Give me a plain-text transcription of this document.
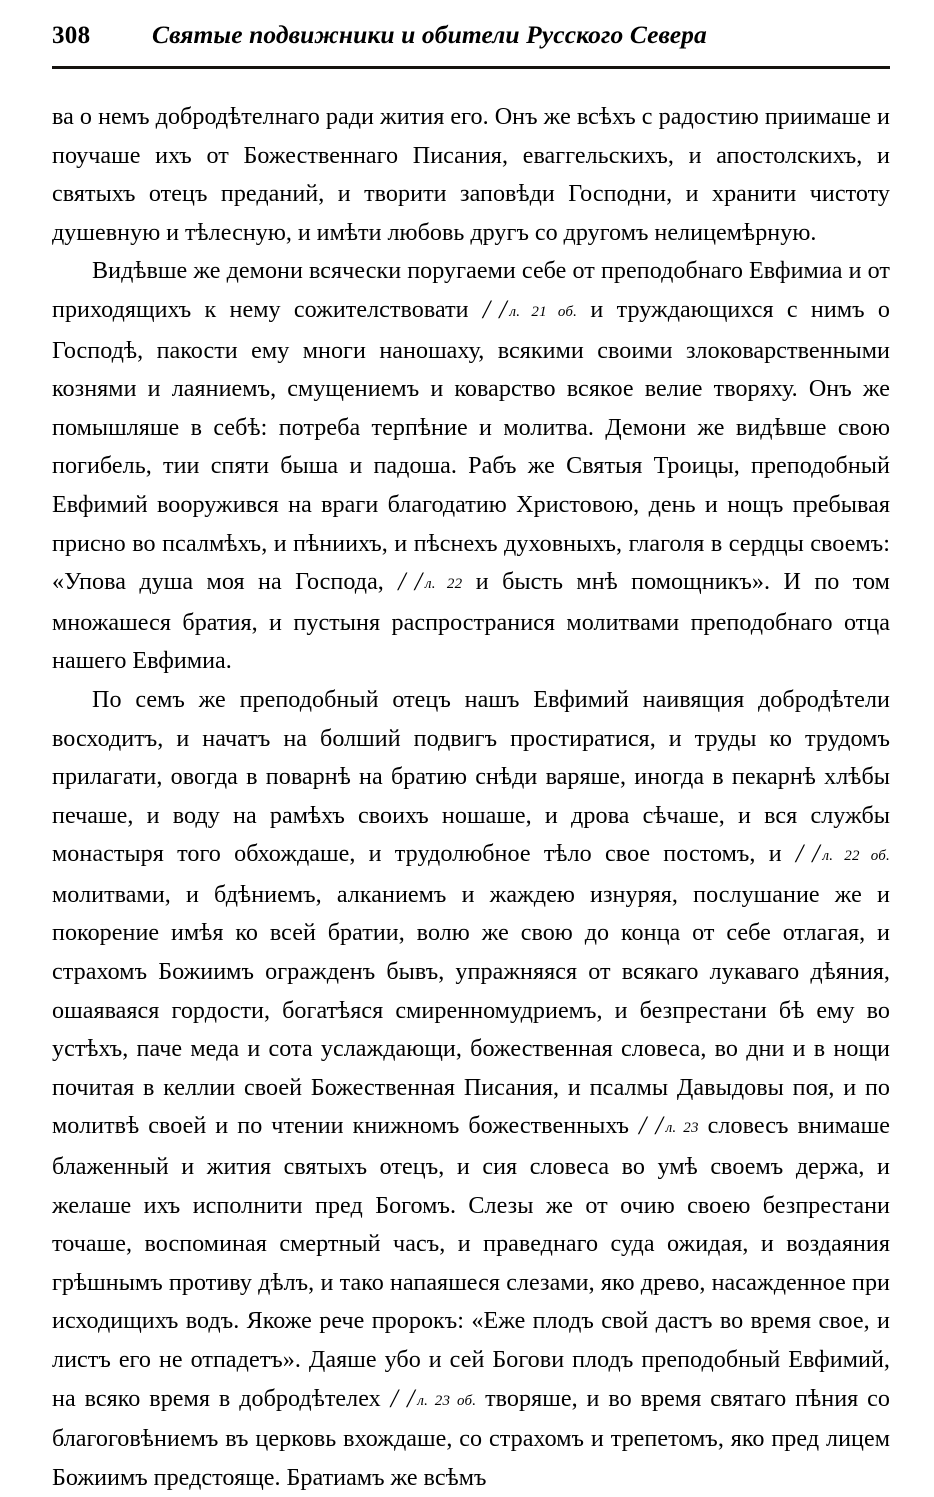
308	Святые подвижники и обители Русского Севера

ва о немъ добродѣтелнаго ради жития его. Онъ же всѣхъ с радостию приимаше и поучаше ихъ от Божественнаго Писания, еваггельскихъ, и апостолскихъ, и святыхъ отецъ преданий, и творити заповѣди Господни, и хранити чистоту душевную и тѣлесную, и имѣти любовь другъ со другомъ нелицемѣрную.

Видѣвше же демони всячески поругаеми себе от преподобнаго Евфимиа и от приходящихъ к нему сожителствовати / /л. 21 об. и труждающихся с нимъ о Господѣ, пакости ему многи наношаху, всякими своими злоковарственными кознями и лаяниемъ, смущениемъ и коварство всякое велие творяху. Онъ же помышляше в себѣ: потреба терпѣние и молитва. Демони же видѣвше свою погибель, тии спяти быша и падоша. Рабъ же Святыя Троицы, преподобный Евфимий вооружився на враги благодатию Христовою, день и нощъ пребывая присно во псалмѣхъ, и пѣниихъ, и пѣснехъ духовныхъ, глаголя в сердцы своемъ: «Упова душа моя на Господа, / /л. 22 и бысть мнѣ помощникъ». И по том множашеся братия, и пустыня распространися молитвами преподобнаго отца нашего Евфимиа.

По семъ же преподобный отецъ нашъ Евфимий наивящия добродѣтели восходитъ, и начатъ на болший подвигъ простиратися, и труды ко трудомъ прилагати, овогда в поварнѣ на братию снѣди варяше, иногда в пекарнѣ хлѣбы печаше, и воду на рамѣхъ своихъ ношаше, и дрова сѣчаше, и вся службы монастыря того обхождаше, и трудолюбное тѣло свое постомъ, и / /л. 22 об. молитвами, и бдѣниемъ, алканиемъ и жаждею изнуряя, послушание же и покорение имѣя ко всей братии, волю же свою до конца от себе отлагая, и страхомъ Божиимъ огражденъ бывъ, упражняяся от всякаго лукаваго дѣяния, ошаяваяся гордости, богатѣяся смиренномудриемъ, и безпрестани бѣ ему во устѣхъ, паче меда и сота услаждающи, божественная словеса, во дни и в нощи почитая в келлии своей Божественная Писания, и псалмы Давыдовы поя, и по молитвѣ своей и по чтении книжномъ божественныхъ / /л. 23 словесъ внимаше блаженный и жития святыхъ отецъ, и сия словеса во умѣ своемъ держа, и желаше ихъ исполнити пред Богомъ. Слезы же от очию своею безпрестани точаше, воспоминая смертный часъ, и праведнаго суда ожидая, и воздаяния грѣшнымъ противу дѣлъ, и тако напаяшеся слезами, яко древо, насажденное при исходищихъ водъ. Якоже рече пророкъ: «Еже плодъ свой дастъ во время свое, и листъ его не отпадетъ». Даяше убо и сей Богови плодъ преподобный Евфимий, на всяко время в добродѣтелех / /л. 23 об. творяше, и во время святаго пѣния со благоговѣниемъ въ церковь вхождаше, со страхомъ и трепетомъ, яко пред лицем Божиимъ предстояще. Братиамъ же всѣмъ
